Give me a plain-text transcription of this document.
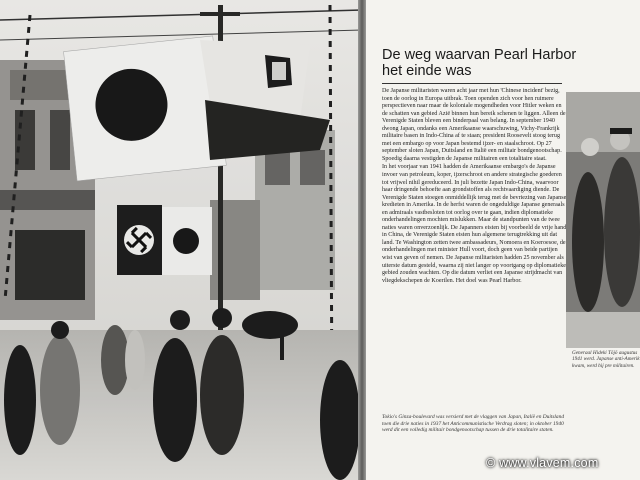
De weg waarvan Pearl Harbor het einde was

De Japanse militaristen waren acht jaar met hun 'Chinese incident' bezig, toen de oorlog in Europa uitbrak. Toen openden zich voor hen ruimere perspectieven naar maar de koloniale mogendheden voor Hitler weken en de schatten van gebied Azië binnen hun bereik schenen te liggen. Alleen de Verenigde Staten bleven een binderpaal van belang. In september 1940 dwong Japan, ondanks een Amerikaanse waarschuwing, Vichy-Frankrijk militaire basen in Indo-China af te staan; president Roosevelt stoog terug met een embargo op voor Japan bestemd ijzer- en staalschroot. Op 27 september sloten Japan, Duitsland en Italië een militair bondgenootschap. Spoedig daarna vestigden de Japanse militairen een totalitaire staat.

In het voorjaar van 1941 hadden de Amerikaanse embargo's de Japanse invoer van petroleum, koper, ijzerschroot en andere strategische goederen tot vrijwel nihil gereduceerd. In juli bezette Japan Indo-China, waarvoor haar dringende behoefte aan grondstoffen als rechtvaardiging diende. De Verenigde Staten stoegen onmiddellijk terug met de bevriezing van Japanse kredieten in Amerika. In de herfst waren de ongeduldige Japanse generaals en admiraals vastbesloten tot oorlog over te gaan, indien diplomatieke onderhandelingen mochten mislukken. Maar de standpunten van de twee naties waren onverzoenlijk. De Japanners eisten bij voorbeeld de vrije hand in China, de Verenigde Staten eisten hun algemene terugtrekking uit dat land. Te Washington zetten twee ambassadeurs, Nomoera en Koeroesoe, de onderhandelingen met minister Hull voort, doch geen van beide partijen wist van geven of nemen. De Japanse militaristen hadden 25 november als uiterste datum gesteld, waarna zij niet langer op voortgang op diplomatieke gebied zouden wachten. Op die datum verliet een Japanse strijdmacht van vliegdekschepen de Koerilen. Het doel was Pearl Harbor.

Generaal Hideki Tōjō augustus 1941 werd. Japanse anti-Amerik kwam, werd hij pre militairen.
Tokio's Ginza-boulevard was versierd met de vlaggen van Japan, Italië en Duitsland toen die drie naties in 1937 het Anticommunistische Verdrag sloten; in oktober 1940 werd dit een volledig militair bondgenootschap tussen de drie totalitaire staten.
© www.vlavem.com
